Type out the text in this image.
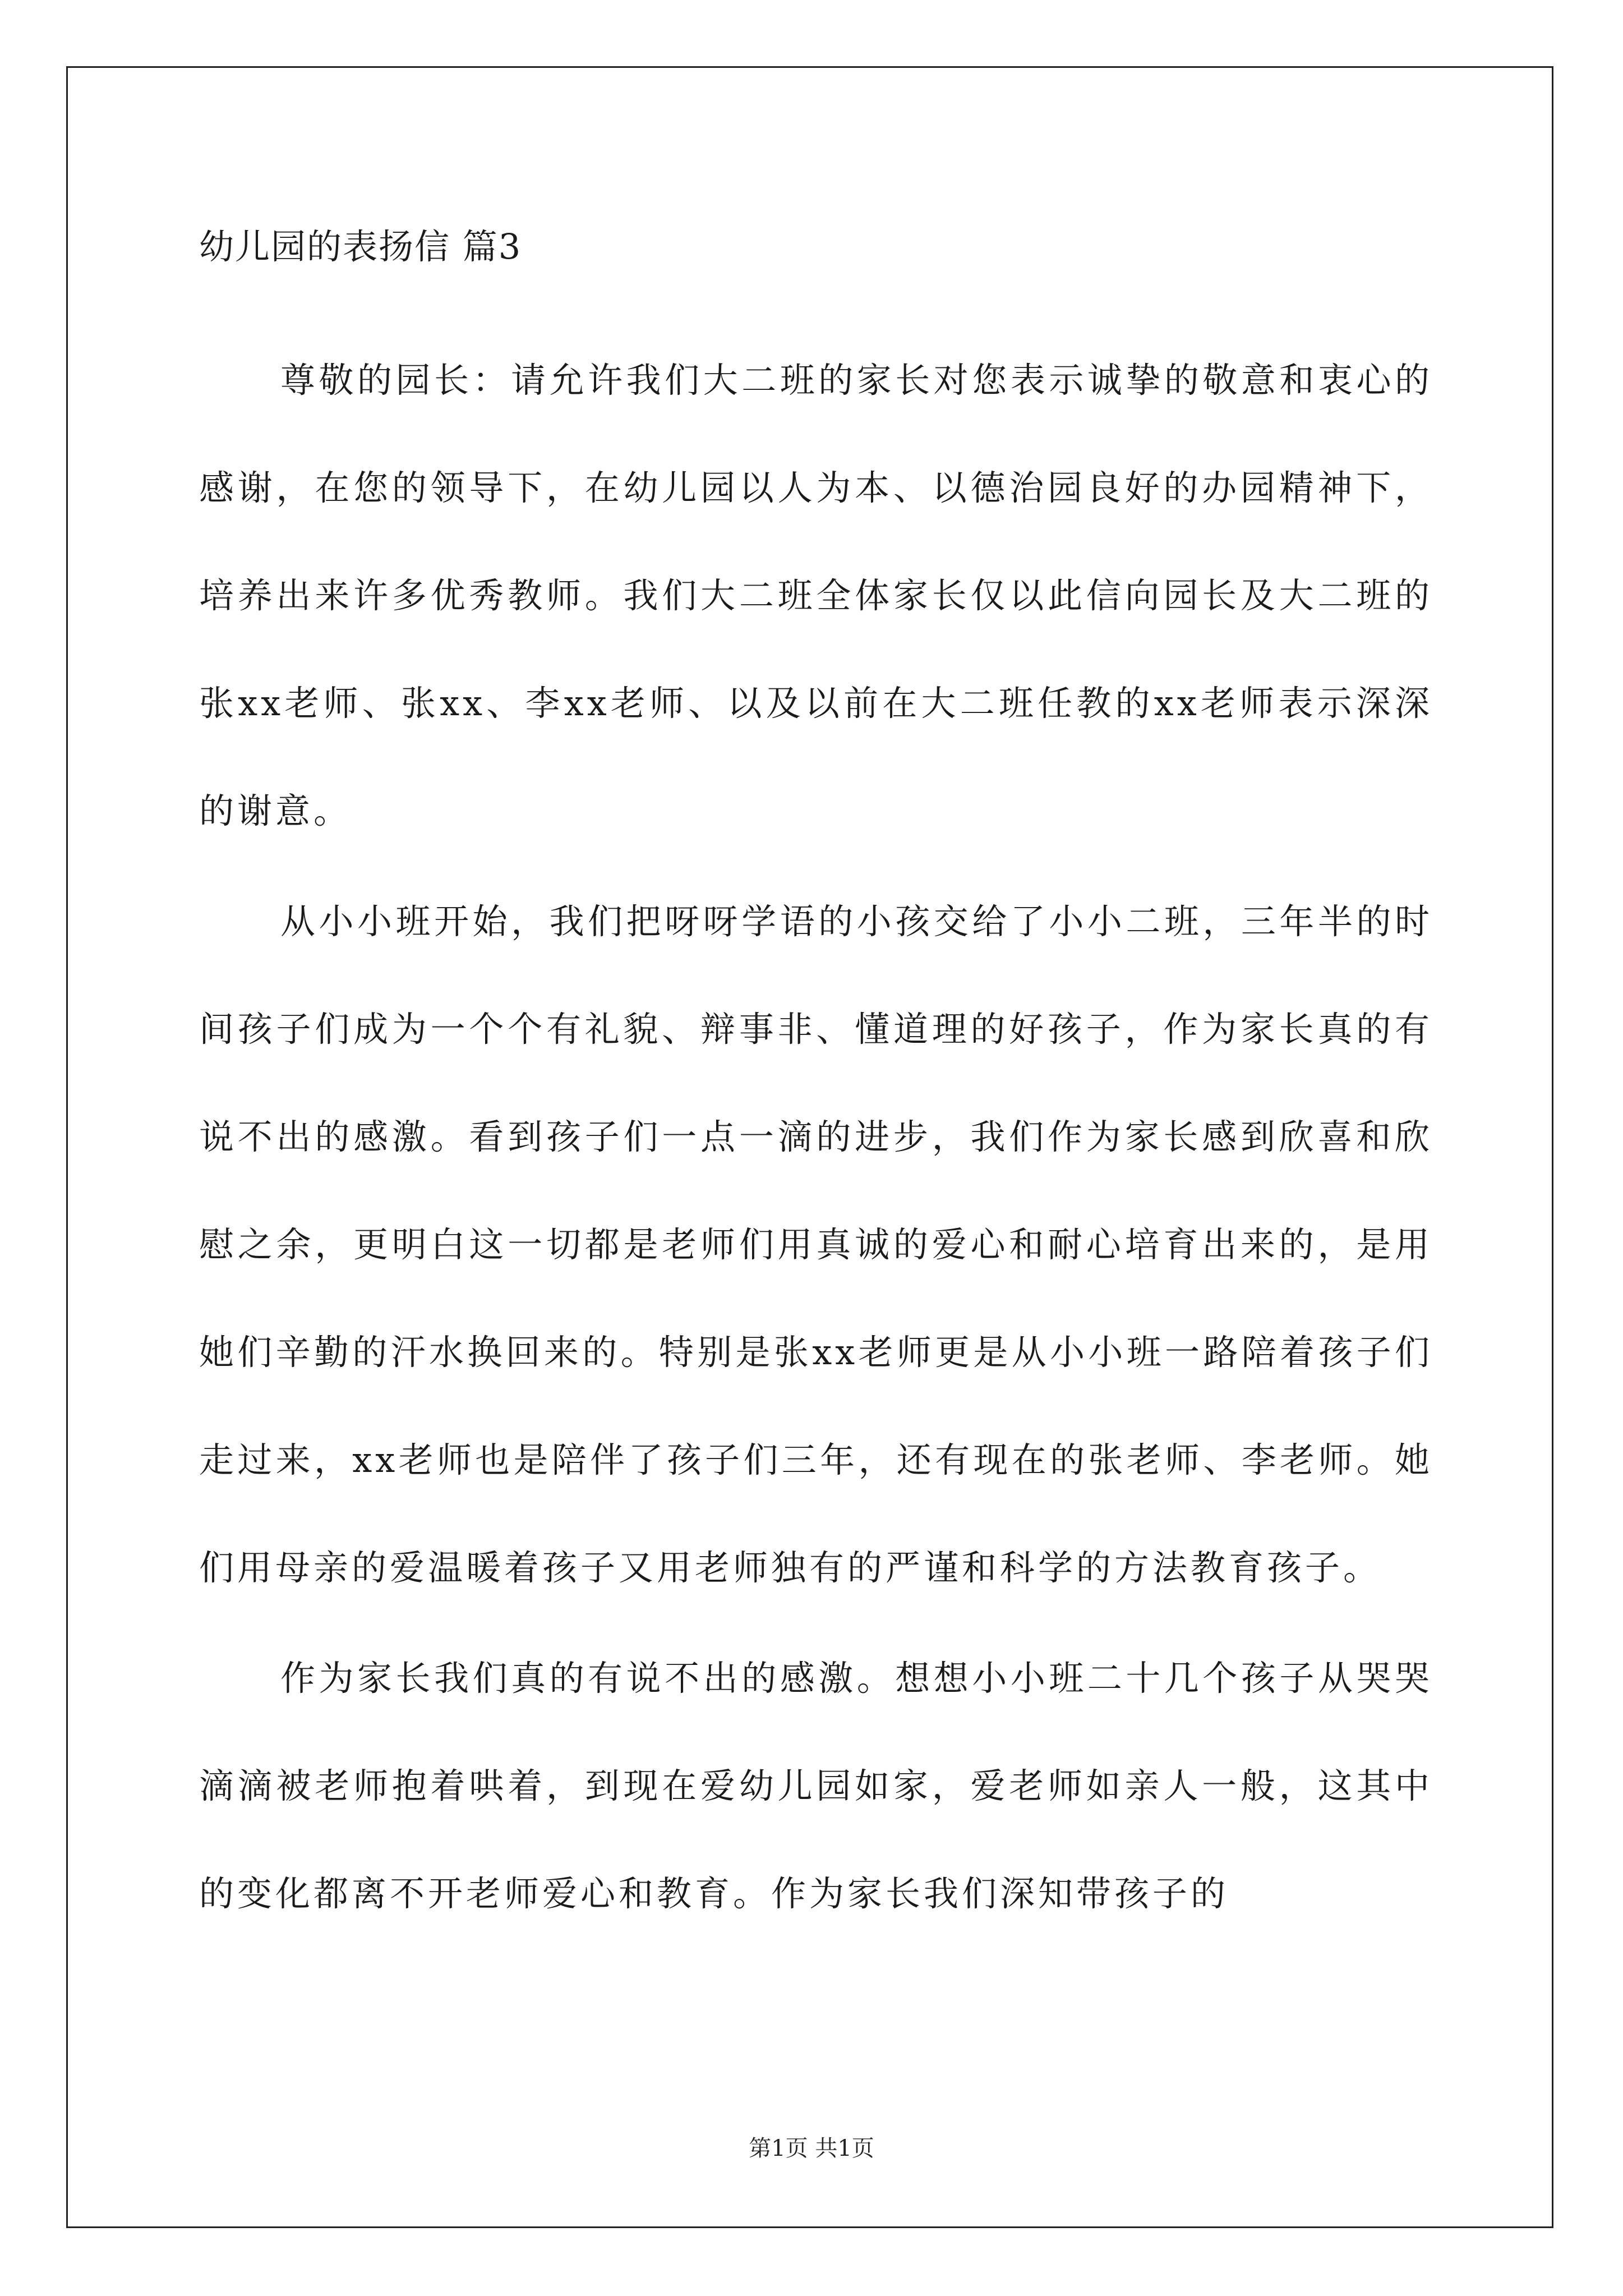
幼儿园的表扬信 篇3

尊敬的园长：请允许我们大二班的家长对您表示诚挚的敬意和衷心的感谢，在您的领导下，在幼儿园以人为本、以德治园良好的办园精神下，培养出来许多优秀教师。我们大二班全体家长仅以此信向园长及大二班的张xx老师、张xx、李xx老师、以及以前在大二班任教的xx老师表示深深的谢意。

从小小班开始，我们把呀呀学语的小孩交给了小小二班，三年半的时间孩子们成为一个个有礼貌、辩事非、懂道理的好孩子，作为家长真的有说不出的感激。看到孩子们一点一滴的进步，我们作为家长感到欣喜和欣慰之余，更明白这一切都是老师们用真诚的爱心和耐心培育出来的，是用她们辛勤的汗水换回来的。特别是张xx老师更是从小小班一路陪着孩子们走过来，xx老师也是陪伴了孩子们三年，还有现在的张老师、李老师。她们用母亲的爱温暖着孩子又用老师独有的严谨和科学的方法教育孩子。

作为家长我们真的有说不出的感激。想想小小班二十几个孩子从哭哭滴滴被老师抱着哄着，到现在爱幼儿园如家，爱老师如亲人一般，这其中的变化都离不开老师爱心和教育。作为家长我们深知带孩子的

第1页 共1页
